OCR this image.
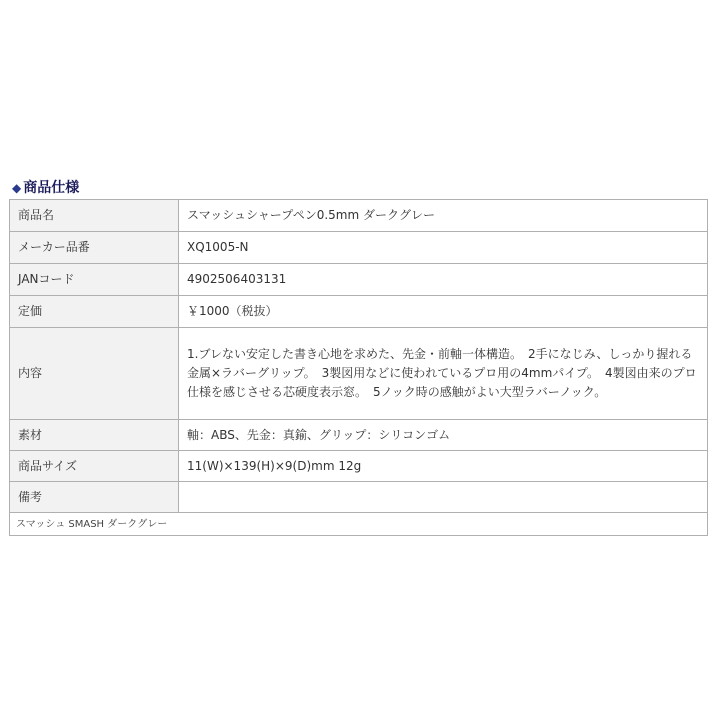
◆ 商品仕様
商品名	スマッシュシャープペン0.5mm ダークグレー
メーカー品番	XQ1005-N
JANコード	4902506403131
定価	￥1000（税抜）
内容	1.ブレない安定した書き心地を求めた、先金・前軸一体構造。　2手になじみ、しっかり握れる金属×ラバーグリップ。　3製図用などに使われているプロ用の4mmパイプ。　4製図由来のプロ仕様を感じさせる芯硬度表示窓。　5ノック時の感触がよい大型ラバーノック。
素材	軸：ABS、先金：真鍮、グリップ：シリコンゴム
商品サイズ	11(W)×139(H)×9(D)mm 12g
備考	
スマッシュ SMASH ダークグレー	
